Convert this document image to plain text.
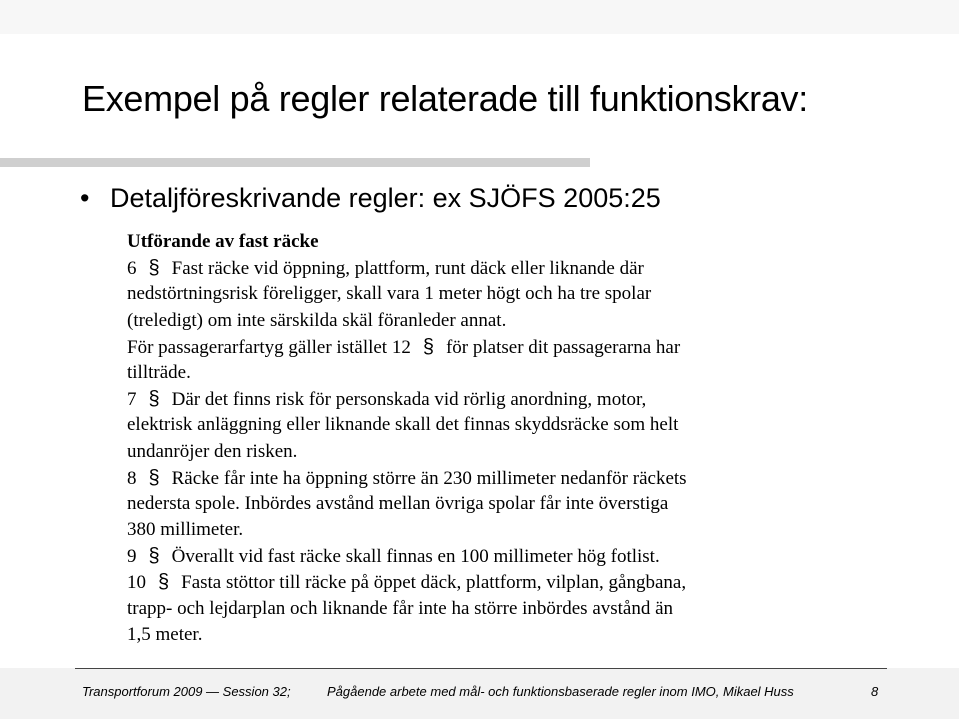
Exempel på regler relaterade till funktionskrav:
• Detaljföreskrivande regler: ex SJÖFS 2005:25
Utförande av fast räcke
6 § Fast räcke vid öppning, plattform, runt däck eller liknande där
nedstörtningsrisk föreligger, skall vara 1 meter högt och ha tre spolar
(treledigt) om inte särskilda skäl föranleder annat.
För passagerarfartyg gäller istället 12 § för platser dit passagerarna har
tillträde.
7 § Där det finns risk för personskada vid rörlig anordning, motor,
elektrisk anläggning eller liknande skall det finnas skyddsräcke som helt
undanröjer den risken.
8 § Räcke får inte ha öppning större än 230 millimeter nedanför räckets
nedersta spole. Inbördes avstånd mellan övriga spolar får inte överstiga
380 millimeter.
9 § Överallt vid fast räcke skall finnas en 100 millimeter hög fotlist.
10 § Fasta stöttor till räcke på öppet däck, plattform, vilplan, gångbana,
trapp- och lejdarplan och liknande får inte ha större inbördes avstånd än
1,5 meter.
Transportforum 2009 — Session 32;	Pågående arbete med mål- och funktionsbaserade regler inom IMO, Mikael Huss	8
